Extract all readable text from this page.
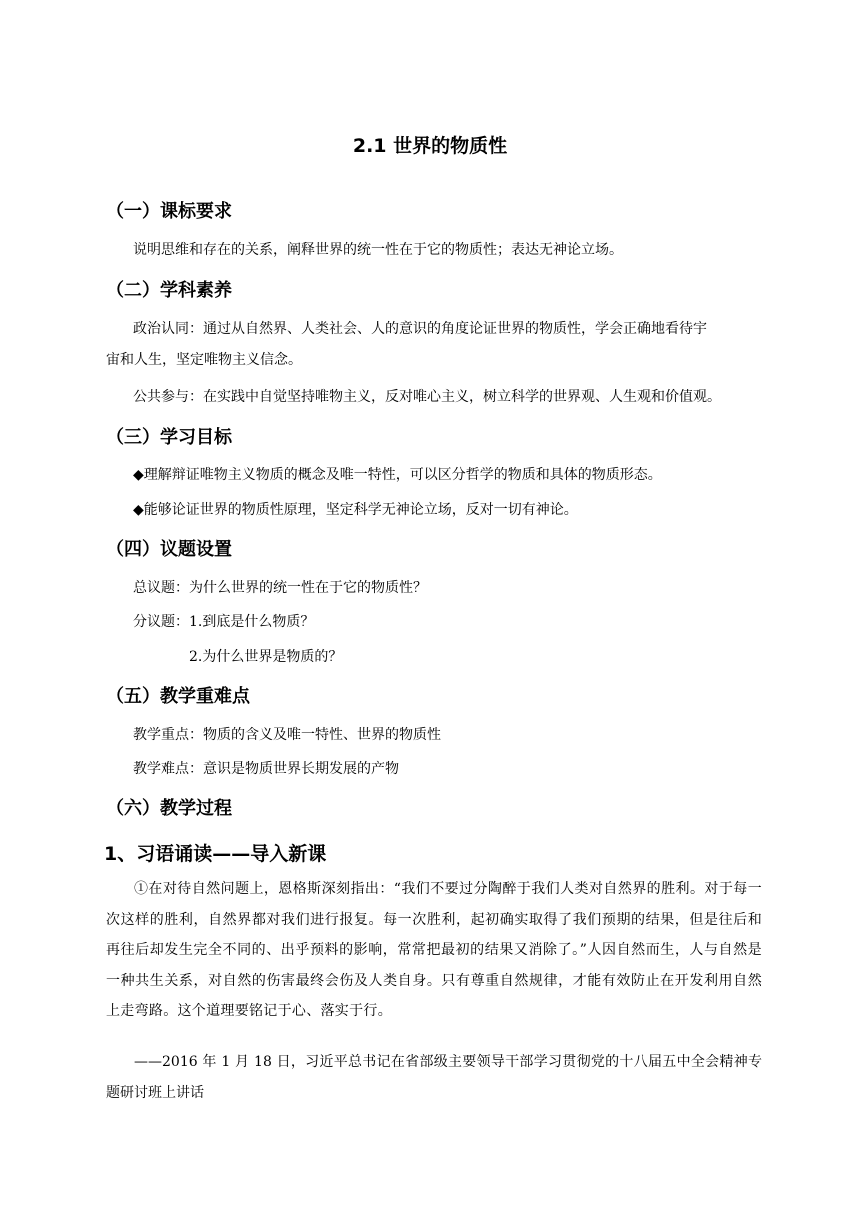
2.1 世界的物质性
（一）课标要求
说明思维和存在的关系，阐释世界的统一性在于它的物质性；表达无神论立场。
（二）学科素养
政治认同：通过从自然界、人类社会、人的意识的角度论证世界的物质性，学会正确地看待宇
宙和人生，坚定唯物主义信念。
公共参与：在实践中自觉坚持唯物主义，反对唯心主义，树立科学的世界观、人生观和价值观。
（三）学习目标
◆理解辩证唯物主义物质的概念及唯一特性，可以区分哲学的物质和具体的物质形态。
◆能够论证世界的物质性原理，坚定科学无神论立场，反对一切有神论。
（四）议题设置
总议题：为什么世界的统一性在于它的物质性？
分议题：1.到底是什么物质？
2.为什么世界是物质的？
（五）教学重难点
教学重点：物质的含义及唯一特性、世界的物质性
教学难点：意识是物质世界长期发展的产物
（六）教学过程
1、习语诵读——导入新课
①在对待自然问题上，恩格斯深刻指出：“我们不要过分陶醉于我们人类对自然界的胜利。对于每一次这样的胜利，自然界都对我们进行报复。每一次胜利，起初确实取得了我们预期的结果，但是往后和再往后却发生完全不同的、出乎预料的影响，常常把最初的结果又消除了。”人因自然而生，人与自然是一种共生关系，对自然的伤害最终会伤及人类自身。只有尊重自然规律，才能有效防止在开发利用自然上走弯路。这个道理要铭记于心、落实于行。
——2016 年 1 月 18 日，习近平总书记在省部级主要领导干部学习贯彻党的十八届五中全会精神专题研讨班上讲话
